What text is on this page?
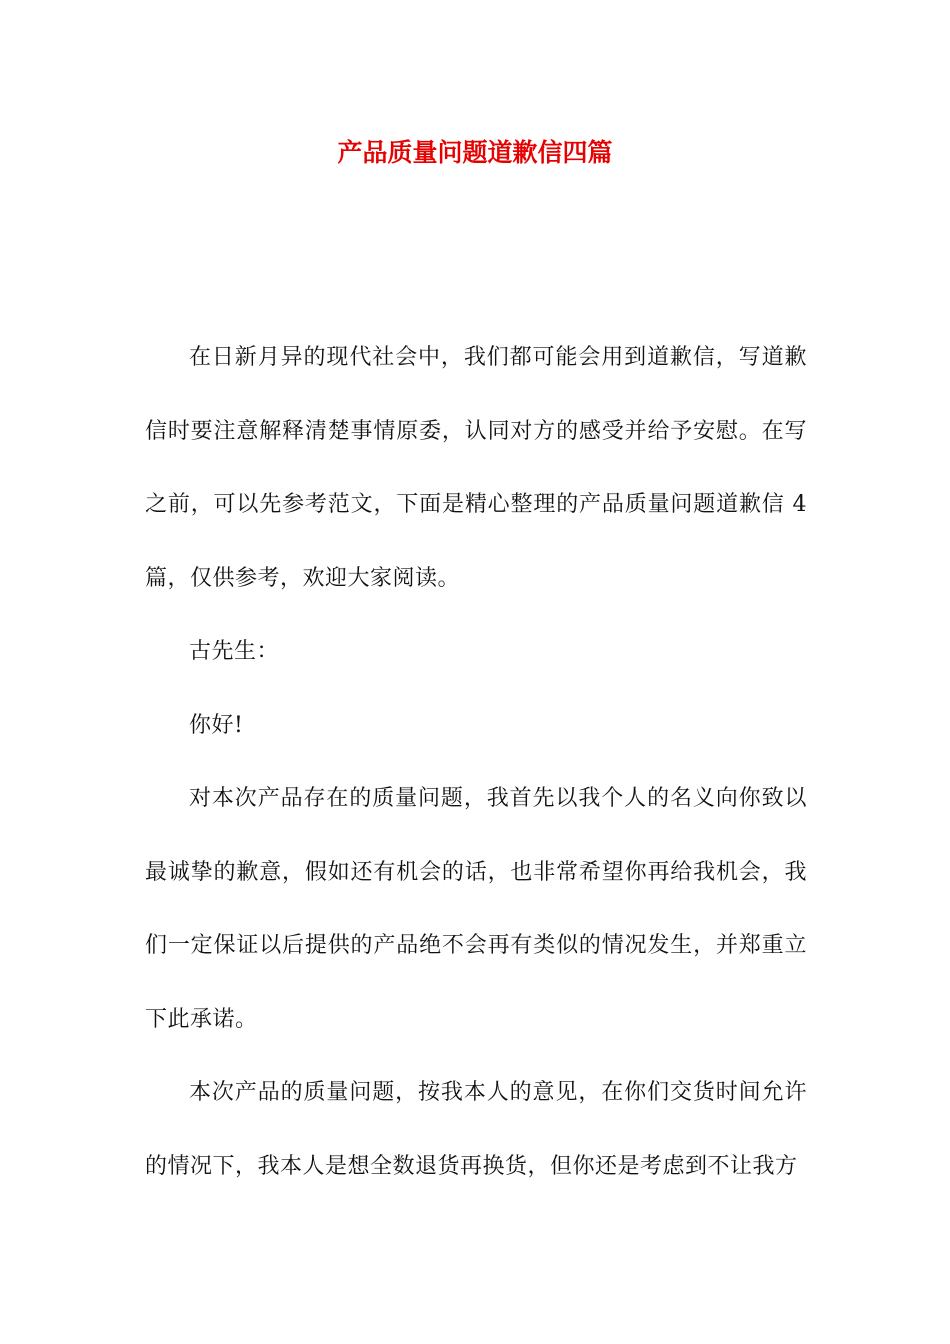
产品质量问题道歉信四篇

在日新月异的现代社会中，我们都可能会用到道歉信，写道歉信时要注意解释清楚事情原委，认同对方的感受并给予安慰。在写之前，可以先参考范文，下面是精心整理的产品质量问题道歉信 4 篇，仅供参考，欢迎大家阅读。

古先生：

你好!

对本次产品存在的质量问题，我首先以我个人的名义向你致以最诚挚的歉意，假如还有机会的话，也非常希望你再给我机会，我们一定保证以后提供的产品绝不会再有类似的情况发生，并郑重立下此承诺。

本次产品的质量问题，按我本人的意见，在你们交货时间允许的情况下，我本人是想全数退货再换货，但你还是考虑到不让我方
